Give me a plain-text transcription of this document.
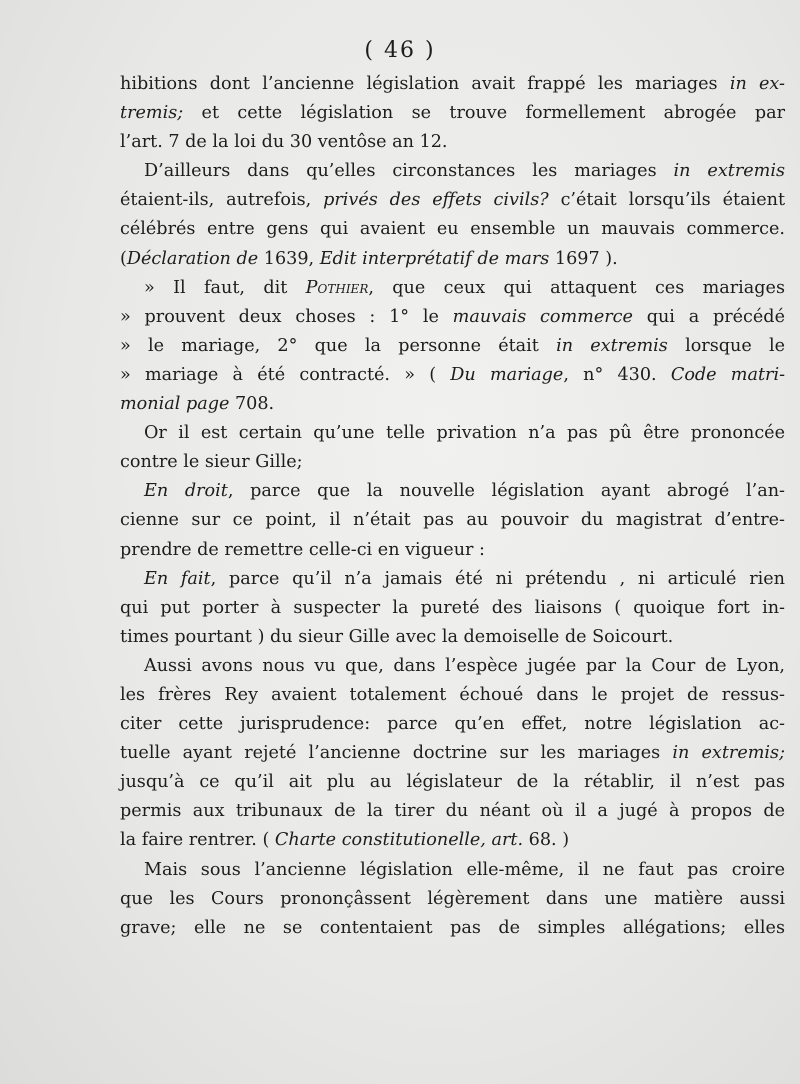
( 46 )
hibitions dont l’ancienne législation avait frappé les mariages in ex-
tremis; et cette législation se trouve formellement abrogée par
l’art. 7 de la loi du 30 ventôse an 12.
D’ailleurs dans qu’elles circonstances les mariages in extremis
étaient-ils, autrefois, privés des effets civils? c’était lorsqu’ils étaient
célébrés entre gens qui avaient eu ensemble un mauvais commerce.
(Déclaration de 1639, Edit interprétatif de mars 1697 ).
» Il faut, dit Pothier, que ceux qui attaquent ces mariages
» prouvent deux choses : 1° le mauvais commerce qui a précédé
» le mariage, 2° que la personne était in extremis lorsque le
» mariage à été contracté. » ( Du mariage, n° 430. Code matri-
monial page 708.
Or il est certain qu’une telle privation n’a pas pû être prononcée
contre le sieur Gille;
En droit, parce que la nouvelle législation ayant abrogé l’an-
cienne sur ce point, il n’était pas au pouvoir du magistrat d’entre-
prendre de remettre celle-ci en vigueur :
En fait, parce qu’il n’a jamais été ni prétendu , ni articulé rien
qui put porter à suspecter la pureté des liaisons ( quoique fort in-
times pourtant ) du sieur Gille avec la demoiselle de Soicourt.
Aussi avons nous vu que, dans l’espèce jugée par la Cour de Lyon,
les frères Rey avaient totalement échoué dans le projet de ressus-
citer cette jurisprudence: parce qu’en effet, notre législation ac-
tuelle ayant rejeté l’ancienne doctrine sur les mariages in extremis;
jusqu’à ce qu’il ait plu au législateur de la rétablir, il n’est pas
permis aux tribunaux de la tirer du néant où il a jugé à propos de
la faire rentrer. ( Charte constitutionelle, art. 68. )
Mais sous l’ancienne législation elle-même, il ne faut pas croire
que les Cours prononçâssent légèrement dans une matière aussi
grave; elle ne se contentaient pas de simples allégations; elles
